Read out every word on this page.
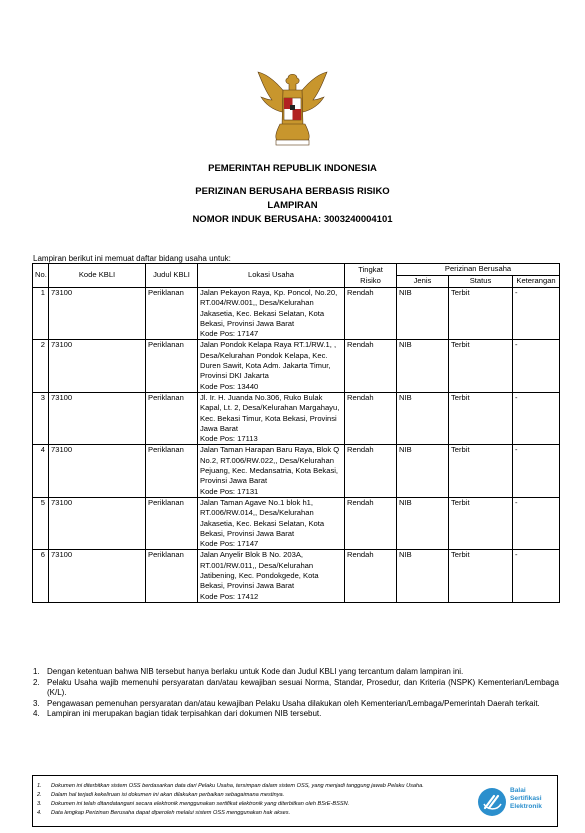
PEMERINTAH REPUBLIK INDONESIA
PERIZINAN BERUSAHA BERBASIS RISIKO
LAMPIRAN
NOMOR INDUK BERUSAHA: 3003240004101
Lampiran berikut ini memuat daftar bidang usaha untuk:
No.	Kode KBLI	Judul KBLI	Lokasi Usaha	Tingkat Risiko	Perizinan Berusaha		
					Jenis	Status	Keterangan
1	73100	Periklanan	Jalan Pekayon Raya, Kp. Poncol, No.20, RT.004/RW.001,, Desa/Kelurahan Jakasetia, Kec. Bekasi Selatan, Kota Bekasi, Provinsi Jawa Barat
Kode Pos: 17147	Rendah	NIB	Terbit	-
2	73100	Periklanan	Jalan Pondok Kelapa Raya RT.1/RW.1, , Desa/Kelurahan Pondok Kelapa, Kec. Duren Sawit, Kota Adm. Jakarta Timur, Provinsi DKI Jakarta
Kode Pos: 13440	Rendah	NIB	Terbit	-
3	73100	Periklanan	Jl. Ir. H. Juanda No.306, Ruko Bulak Kapal, Lt. 2, Desa/Kelurahan Margahayu, Kec. Bekasi Timur, Kota Bekasi, Provinsi Jawa Barat
Kode Pos: 17113	Rendah	NIB	Terbit	-
4	73100	Periklanan	Jalan Taman Harapan Baru Raya, Blok Q No.2, RT.006/RW.022,, Desa/Kelurahan Pejuang, Kec. Medansatria, Kota Bekasi, Provinsi Jawa Barat
Kode Pos: 17131	Rendah	NIB	Terbit	-
5	73100	Periklanan	Jalan Taman Agave No.1 blok h1, RT.006/RW.014,, Desa/Kelurahan Jakasetia, Kec. Bekasi Selatan, Kota Bekasi, Provinsi Jawa Barat
Kode Pos: 17147	Rendah	NIB	Terbit	-
6	73100	Periklanan	Jalan Anyelir Blok B No. 203A, RT.001/RW.011,, Desa/Kelurahan Jatibening, Kec. Pondokgede, Kota Bekasi, Provinsi Jawa Barat
Kode Pos: 17412	Rendah	NIB	Terbit	-
1. Dengan ketentuan bahwa NIB tersebut hanya berlaku untuk Kode dan Judul KBLI yang tercantum dalam lampiran ini.
2. Pelaku Usaha wajib memenuhi persyaratan dan/atau kewajiban sesuai Norma, Standar, Prosedur, dan Kriteria (NSPK) Kementerian/Lembaga (K/L).
3. Pengawasan pemenuhan persyaratan dan/atau kewajiban Pelaku Usaha dilakukan oleh Kementerian/Lembaga/Pemerintah Daerah terkait.
4. Lampiran ini merupakan bagian tidak terpisahkan dari dokumen NIB tersebut.
1. Dokumen ini diterbitkan sistem OSS berdasarkan data dari Pelaku Usaha, tersimpan dalam sistem OSS, yang menjadi tanggung jawab Pelaku Usaha.
2. Dalam hal terjadi kekeliruan isi dokumen ini akan dilakukan perbaikan sebagaimana mestinya.
3. Dokumen ini telah ditandatangani secara elektronik menggunakan sertifikat elektronik yang diterbitkan oleh BSrE-BSSN.
4. Data lengkap Perizinan Berusaha dapat diperoleh melalui sistem OSS menggunakan hak akses.
Balai
Sertifikasi
Elektronik
